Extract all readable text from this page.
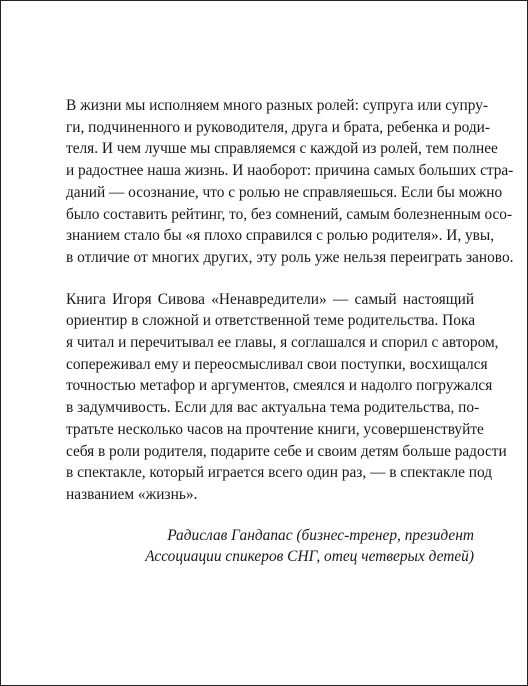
В жизни мы исполняем много разных ролей: супруга или супру-
ги, подчиненного и руководителя, друга и брата, ребенка и роди-
теля. И чем лучше мы справляемся с каждой из ролей, тем полнее
и радостнее наша жизнь. И наоборот: причина самых больших стра-
даний — осознание, что с ролью не справляешься. Если бы можно
было составить рейтинг, то, без сомнений, самым болезненным осо-
знанием стало бы «я плохо справился с ролью родителя». И, увы,
в отличие от многих других, эту роль уже нельзя переиграть заново.

Книга Игоря Сивова «Ненавредители» — самый настоящий
ориентир в сложной и ответственной теме родительства. Пока
я читал и перечитывал ее главы, я соглашался и спорил с автором,
сопереживал ему и переосмысливал свои поступки, восхищался
точностью метафор и аргументов, смеялся и надолго погружался
в задумчивость. Если для вас актуальна тема родительства, по-
тратьте несколько часов на прочтение книги, усовершенствуйте
себя в роли родителя, подарите себе и своим детям больше радости
в спектакле, который играется всего один раз, — в спектакле под
названием «жизнь».

Радислав Гандапас (бизнес-тренер, президент
Ассоциации спикеров СНГ, отец четверых детей)
